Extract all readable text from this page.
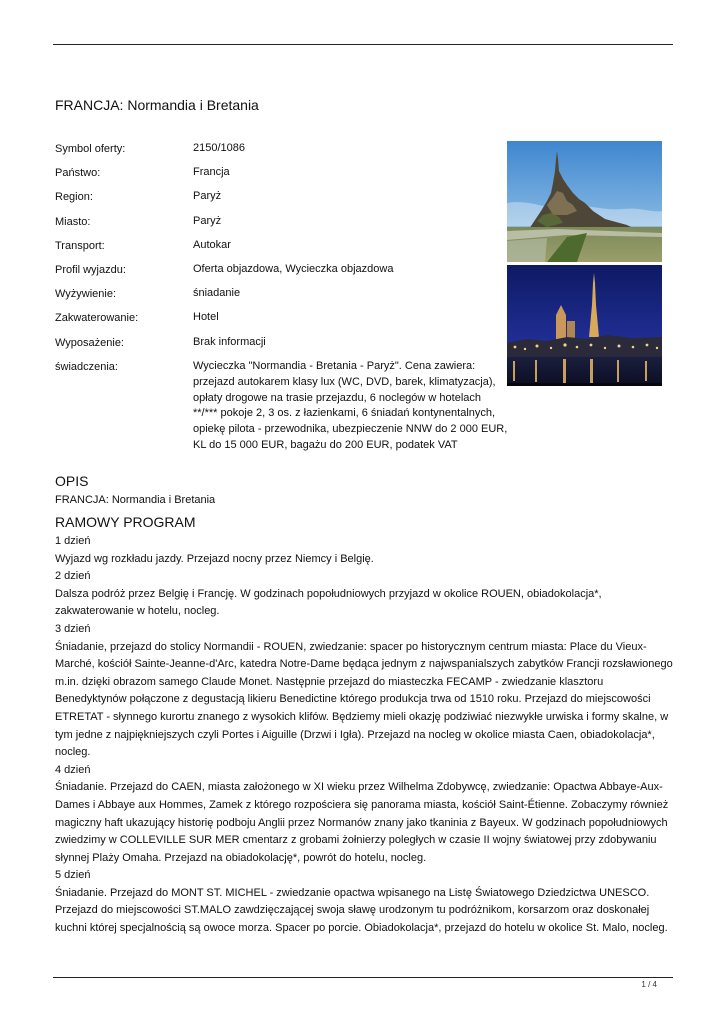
FRANCJA: Normandia i Bretania
Symbol oferty:	2150/1086
Państwo:	Francja
Region:	Paryż
Miasto:	Paryż
Transport:	Autokar
Profil wyjazdu:	Oferta objazdowa, Wycieczka objazdowa
Wyżywienie:	śniadanie
Zakwaterowanie:	Hotel
Wyposażenie:	Brak informacji
świadczenia:	Wycieczka "Normandia - Bretania - Paryż". Cena zawiera: przejazd autokarem klasy lux (WC, DVD, barek, klimatyzacja), opłaty drogowe na trasie przejazdu, 6 noclegów w hotelach **/*** pokoje 2, 3 os. z łazienkami, 6 śniadań kontynentalnych, opiekę pilota - przewodnika, ubezpieczenie NNW do 2 000 EUR, KL do 15 000 EUR, bagażu do 200 EUR, podatek VAT
OPIS
FRANCJA: Normandia i Bretania
RAMOWY PROGRAM

1 dzień

Wyjazd wg rozkładu jazdy. Przejazd nocny przez Niemcy i Belgię.

2 dzień

Dalsza podróż przez Belgię i Francję. W godzinach popołudniowych przyjazd w okolice ROUEN, obiadokolacja*, zakwaterowanie w hotelu, nocleg.

3 dzień

Śniadanie, przejazd do stolicy Normandii - ROUEN, zwiedzanie: spacer po historycznym centrum miasta: Place du Vieux-Marché, kościół Sainte-Jeanne-d'Arc, katedra Notre-Dame będąca jednym z najwspanialszych zabytków Francji rozsławionego m.in. dzięki obrazom samego Claude Monet. Następnie przejazd do miasteczka FECAMP - zwiedzanie klasztoru Benedyktynów połączone z degustacją likieru Benedictine którego produkcja trwa od 1510 roku. Przejazd do miejscowości ETRETAT - słynnego kurortu znanego z wysokich klifów. Będziemy mieli okazję podziwiać niezwykłe urwiska i formy skalne, w tym jedne z najpiękniejszych czyli Portes i Aiguille (Drzwi i Igła). Przejazd na nocleg w okolice miasta Caen, obiadokolacja*, nocleg.

4 dzień

Śniadanie. Przejazd do CAEN, miasta założonego w XI wieku przez Wilhelma Zdobywcę, zwiedzanie: Opactwa Abbaye-Aux-Dames i Abbaye aux Hommes, Zamek z którego rozpościera się panorama miasta, kościół Saint-Étienne. Zobaczymy również magiczny haft ukazujący historię podboju Anglii przez Normanów znany jako tkaninia z Bayeux. W godzinach popołudniowych zwiedzimy w COLLEVILLE SUR MER cmentarz z grobami żołnierzy poległych w czasie II wojny światowej przy zdobywaniu słynnej Plaży Omaha. Przejazd na obiadokolację*, powrót do hotelu, nocleg.

5 dzień

Śniadanie. Przejazd do MONT ST. MICHEL - zwiedzanie opactwa wpisanego na Listę Światowego Dziedzictwa UNESCO. Przejazd do miejscowości ST.MALO zawdzięczającej swoja sławę urodzonym tu podróżnikom, korsarzom oraz doskonałej kuchni której specjalnością są owoce morza. Spacer po porcie. Obiadokolacja*, przejazd do hotelu w okolice St. Malo, nocleg.

1 / 4
